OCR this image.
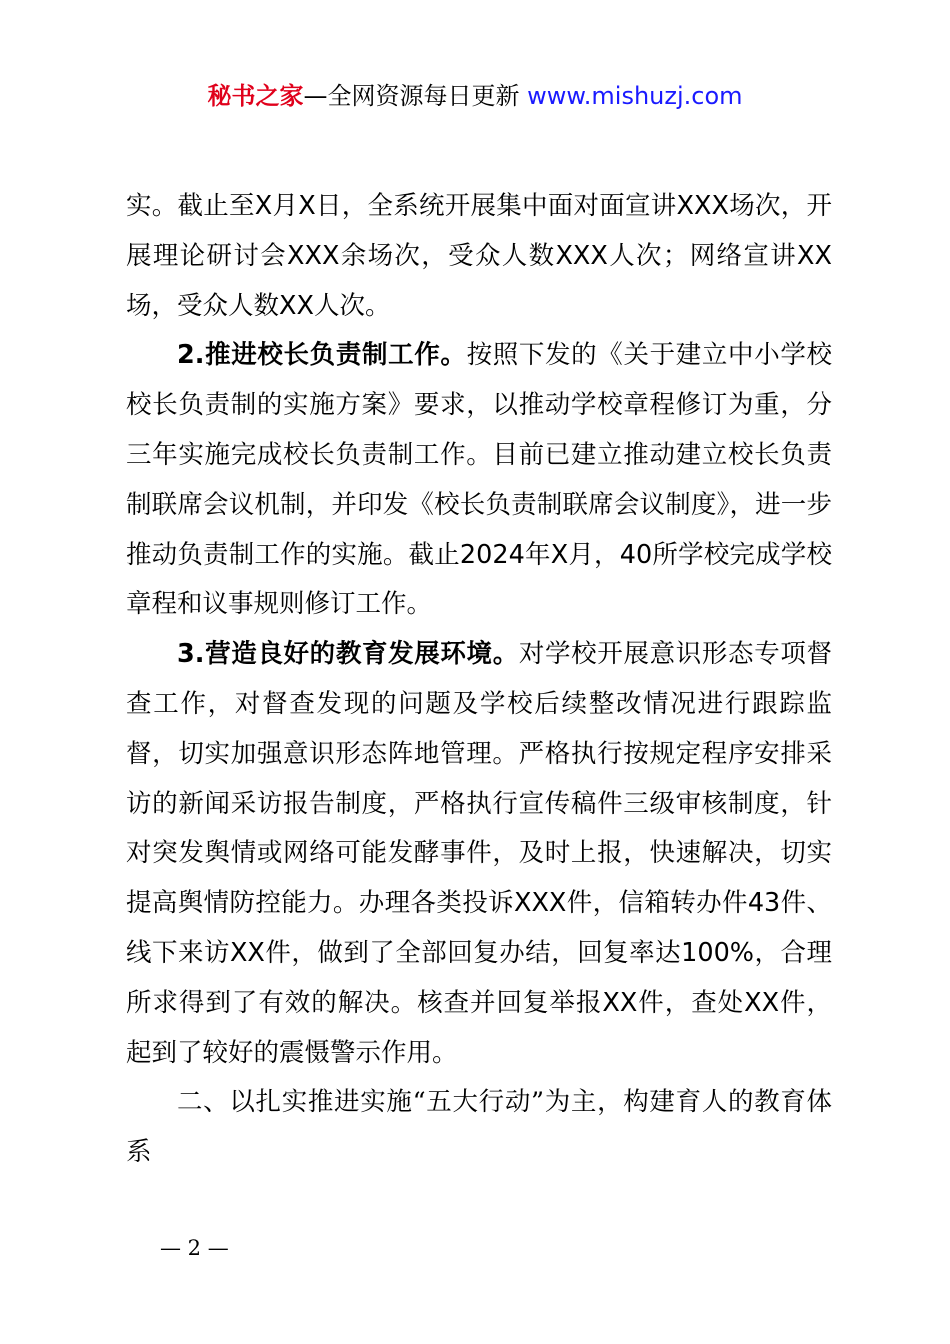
秘书之家—全网资源每日更新 www.mishuzj.com

实。截止至X月X日，全系统开展集中面对面宣讲XXX场次，开展理论研讨会XXX余场次，受众人数XXX人次；网络宣讲XX场，受众人数XX人次。

2.推进校长负责制工作。按照下发的《关于建立中小学校校长负责制的实施方案》要求，以推动学校章程修订为重，分三年实施完成校长负责制工作。目前已建立推动建立校长负责制联席会议机制，并印发《校长负责制联席会议制度》，进一步推动负责制工作的实施。截止2024年X月，40所学校完成学校章程和议事规则修订工作。

3.营造良好的教育发展环境。对学校开展意识形态专项督查工作，对督查发现的问题及学校后续整改情况进行跟踪监督，切实加强意识形态阵地管理。严格执行按规定程序安排采访的新闻采访报告制度，严格执行宣传稿件三级审核制度，针对突发舆情或网络可能发酵事件，及时上报，快速解决，切实提高舆情防控能力。办理各类投诉XXX件，信箱转办件43件、线下来访XX件，做到了全部回复办结，回复率达100%，合理所求得到了有效的解决。核查并回复举报XX件，查处XX件，起到了较好的震慑警示作用。

二、以扎实推进实施“五大行动”为主，构建育人的教育体系

— 2 —
